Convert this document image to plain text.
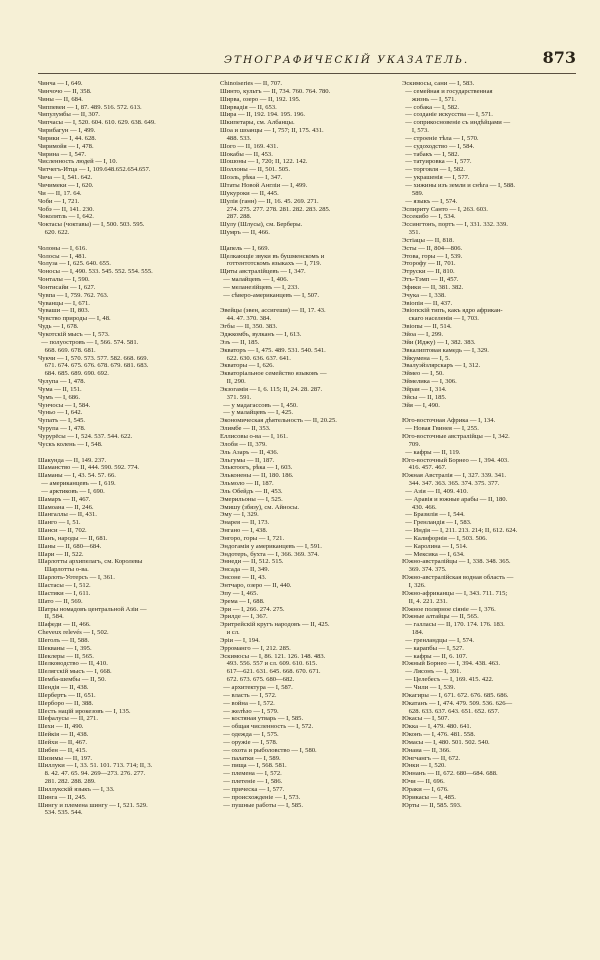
ЭТНОГРАФИЧЕСКІЙ УКАЗАТЕЛЬ.	873
Чинча — I, 649.
Чинчочо — II, 358.
Чины — II, 684.
Чиппевеи — I, 87. 489. 516. 572. 613.
Чипулумбы — II, 307.
Чипчасы — I, 520. 604. 610. 629. 638. 649.
Чирибагун — I, 499.
Чирики — I, 44. 628.
Чиримойя — I, 478.
Чирина — I, 547.
Численность людей — I, 10.
Читчегъ-Итца — I, 109.648.652.654.657.
Чича — I, 541. 642.
Чичимеки — I, 620.
Чи — II, 17. 64.
Чоби — I, 721.
Чобэ — II, 141. 230.
Чоколятль — I, 642.
Чоктасы (чоктавы) — I, 500. 503. 595.
620. 622.
Чолоны — I, 616.
Чолосы — I, 481.
Чолуза — I, 625. 640. 655.
Чоносы — I, 490. 533. 545. 552. 554. 555.
Чонталы — I, 590.
Чонтисайи — I, 627.
Чувпа — I, 759. 762. 763.
Чуванцы — I, 671.
Чуваши — II, 803.
Чувство природы — I, 48.
Чудь — I, 678.
Чукотскій мысъ — I, 573.
— полуостровъ — I, 566. 574. 581.
668. 669. 678. 681.
Чукчи — I, 570. 573. 577. 582. 668. 669.
671. 674. 675. 676. 678. 679. 681. 683.
684. 685. 689. 690. 692.
Чулупа — I, 478.
Чума — II, 151.
Чумъ — I, 686.
Чунчосы — I, 584.
Чуньо — I, 642.
Чупатъ — I, 545.
Чурупа — I, 478.
Чурурёсы — I, 524. 537. 544. 622.
Чускъ колень — I, 548.
Шакунда — II, 149. 237.
Шаманство — II, 444. 590. 592. 774.
Шаманы — I, 43. 54. 57. 66.
— американцевъ — I, 619.
— арктиковъ — I, 690.
Шамаръ — II, 467.
Шамоана — II, 246.
Шангаллы — II, 431.
Шанго — I, 51.
Шанси — II, 702.
Шанъ, народы — II, 681.
Шаны — II, 680—684.
Шари — II, 522.
Шарлотты архипелагъ, см. Королевы
Шарлотты о-ва.
Шарлоть-Уотерсъ — I, 361.
Шастасы — I, 512.
Шастики — I, 611.
Шато — II, 569.
Шатры номадовъ центральной Азіи —
II, 584.
Шафеди — II, 466.
Cheveux relevés — I, 502.
Шеголъ — II, 588.
Шекваны — I, 395.
Шеклеры — II, 565.
Шелководство — II, 410.
Шелягскій мысъ — I, 668.
Шемба-шембы — II, 50.
Шендія — II, 438.
Шербертъ — II, 651.
Шерборо — II, 388.
Шесть націй ирокезовъ — I, 135.
Шефалусы — II, 271.
Шехи — II, 490.
Шейкія — II, 438.
Шейхи — II, 467.
Шибен — II, 415.
Шизимы — II, 197.
Шиллуки — I, 33. 51. 101. 713. 714; II, 3.
8. 42. 47. 65. 94. 269—273. 276. 277.
281. 282. 288. 289.
Шиллукскій языкъ — I, 33.
Шинга — II, 245.
Шингу и племена шингу — I, 521. 529.
534. 535. 544.
Chinoiseries — II, 707.
Шинто, культъ — II, 734. 760. 764. 780.
Ширва, озеро — II, 192. 195.
Ширвадія — II, 653.
Шира — II, 192. 194. 195. 196.
Шкипетары, см. Албанцы.
Шоа и шоанцы — I, 757; II, 175. 431.
488. 533.
Шого — II, 169. 431.
Шокабы — II, 453.
Шошоны — I, 720; II, 122. 142.
Шоллоны — II, 501. 505.
Шоэль, рѣка — I, 347.
Штаты Новой Англіи — I, 499.
Шукуроки — II, 445.
Шулія (ганн) — II, 16. 45. 269. 271.
274. 275. 277. 278. 281. 282. 283. 285.
287. 288.
Шулу (Шлусы), см. Берберы.
Шумръ — II, 466.
Щапель — I, 669.
Щелкающіе звуки въ бушменскомъ и
готтентотскомъ языкахъ — I, 719.
Щиты австралійцевъ — I, 347.
— малайцевъ — I, 406.
— меланезійцевъ — I, 233.
— сѣверо-американцевъ — I, 507.
Эвейцы (эвен, ассигеши) — II, 17. 43.
44. 47. 370. 384.
Эгбы — II, 350. 383.
Эджкомбъ, вулканъ — I, 613.
Эзъ — II, 185.
Экваторъ — I, 475. 489. 531. 540. 541.
622. 630. 636. 637. 641.
Экваторы — I, 626.
Экваторіальное семейство языковъ —
II, 290.
Экзогамія — I, 6. 115; II, 24. 28. 287.
371. 591.
— у мадагассовъ — I, 450.
— у малайцевъ — I, 425.
Экономическая дѣятельность — II, 20.25.
Элимбе — II, 353.
Еллисовы о-ва — I, 161.
Элоби — II, 379.
Эль Азаръ — II, 436.
Эльгумы — II, 187.
Эльктоогъ, рѣка — I, 603.
Эльконены — II, 180. 186.
Эльмоло — II, 187.
Эль Обейдъ — II, 453.
Эмерильоны — I, 525.
Эмишу (збязу), см. Айносы.
Эму — I, 329.
Энарея — II, 173.
Энгано — I, 438.
Энгоро, горы — I, 721.
Эндогамія у американцевъ — I, 591.
Эндотеръ, бухта — I, 366. 369. 374.
Эннеди — II, 512. 515.
Энсада — II, 349.
Энсоне — II, 43.
Энтчаро, озеро — II, 440.
Эпу — I, 465.
Эрема — I, 688.
Эри — I, 266. 274. 275.
Эрилде — I, 367.
Эритрейскій кругъ народовъ — II, 425.
и сл.
Эріи — I, 194.
Эрромангo — I, 212. 285.
Эскимосы — I, 86. 121. 126. 148. 483.
493. 556. 557 и сл. 609. 610. 615.
617—621. 631. 645. 668. 670. 671.
672. 673. 675. 680—682.
— архитектура — I, 587.
— власть — I, 572.
— война — I, 572.
— желѣзо — I, 579.
— костяная утварь — I, 585.
— общая численность — I, 572.
— одежда — I, 575.
— оружіе — I, 578.
— охота и рыболовство — I, 580.
— палатки — I, 589.
— пища — I, 568. 581.
— племена — I, 572.
— плетеніе — I, 586.
— прическа — I, 577.
— происхожденіе — I, 573.
— пушные работы — I, 585.
Эскимосы, сани — I, 583.
— семейная и государственная
жизнь — I, 571.
— собака — I, 582.
— созданіе искусства — I, 571.
— соприкосновеніе съ индѣйцами —
I, 573.
— строеніе тѣла — I, 570.
— судоходство — I, 584.
— табакъ — I, 582.
— татуировка — I, 577.
— торговля — I, 582.
— украшенія — I, 577.
— хижины изъ земли и снѣга — I, 588.
589.
— языкъ — I, 574.
Эспириту Санто — I, 263. 603.
Эссекибо — I, 534.
Эссингтонъ, портъ — I, 331. 332. 339.
351.
Эстіацы — II, 818.
Эсты — II, 804—806.
Этова, горы — I, 539.
Эторофу — II, 701.
Этруски — II, 810.
Этъ-Тэмп — II, 457.
Эфики — II, 381. 382.
Эчука — I, 338.
Эвіопія — II, 437.
Эвіопскій типъ, какъ ядро африкан-
скаго населенія — I, 703.
Эвіопы — II, 514.
Эйоа — I, 299.
Эйи (Иджу) — I, 382. 383.
Эвкалиптовая камедь — I, 329.
Эйкумена — I, 5.
Эвалуэйзлярскаръ — I, 312.
Эймео — I, 50.
Эймелика — I, 306.
Эйраи — I, 314.
Эйсы — II, 185.
Эйя — I, 490.
Юго-восточная Африка — I, 134.
— Новая Гвинея — I, 255.
Юго-восточные австралійцы — I, 342.
709.
— кафры — II, 119.
Юго-восточный Борнео — I, 394. 403.
416. 457. 467.
Южная Австралія — I, 327. 339. 341.
344. 347. 363. 365. 374. 375. 377.
— Азія — II, 409. 410.
— Аравія и южные арабы — II, 180.
430. 466.
— Бразилія — I, 544.
— Гренландія — I, 583.
— Индія — I, 211. 213. 214; II, 612. 624.
— Калифорнія — I, 503. 506.
— Каролина — I, 514.
— Мексика — I, 634.
Южно-австралійцы — I, 338. 348. 365.
369. 374. 375.
Южно-австралійская водная область —
I, 326.
Южно-африканцы — I, 343. 711. 715;
II, 4. 221. 231.
Южное полярное сіяніе — I, 376.
Южные алтайцы — II, 565.
— галласы — II, 170. 174. 176. 183.
184.
— гренландцы — I, 574.
— карапбы — I, 527.
— кафры — II, 6. 107.
Южный Борнео — I, 394. 438. 463.
— Лясонъ — I, 391.
— Целебесъ — I, 169. 415. 422.
— Чили — I, 539.
Юкагиры — I, 671. 672. 676. 685. 686.
Юкатанъ — I, 474. 479. 509. 536. 626—
628. 633. 637. 643. 651. 652. 657.
Юкасы — I, 507.
Юкка — I, 479. 480. 641.
Юконъ — I, 476. 481. 558.
Юмасы — I, 480. 501. 502. 540.
Юнаиа — II, 366.
Юнгчангъ — II, 672.
Юнки — I, 520.
Юннанъ — II, 672. 680—684. 688.
Ючи — II, 696.
Юраки — I, 676.
Юрикасы — I, 485.
Юрты — II, 585. 593.
